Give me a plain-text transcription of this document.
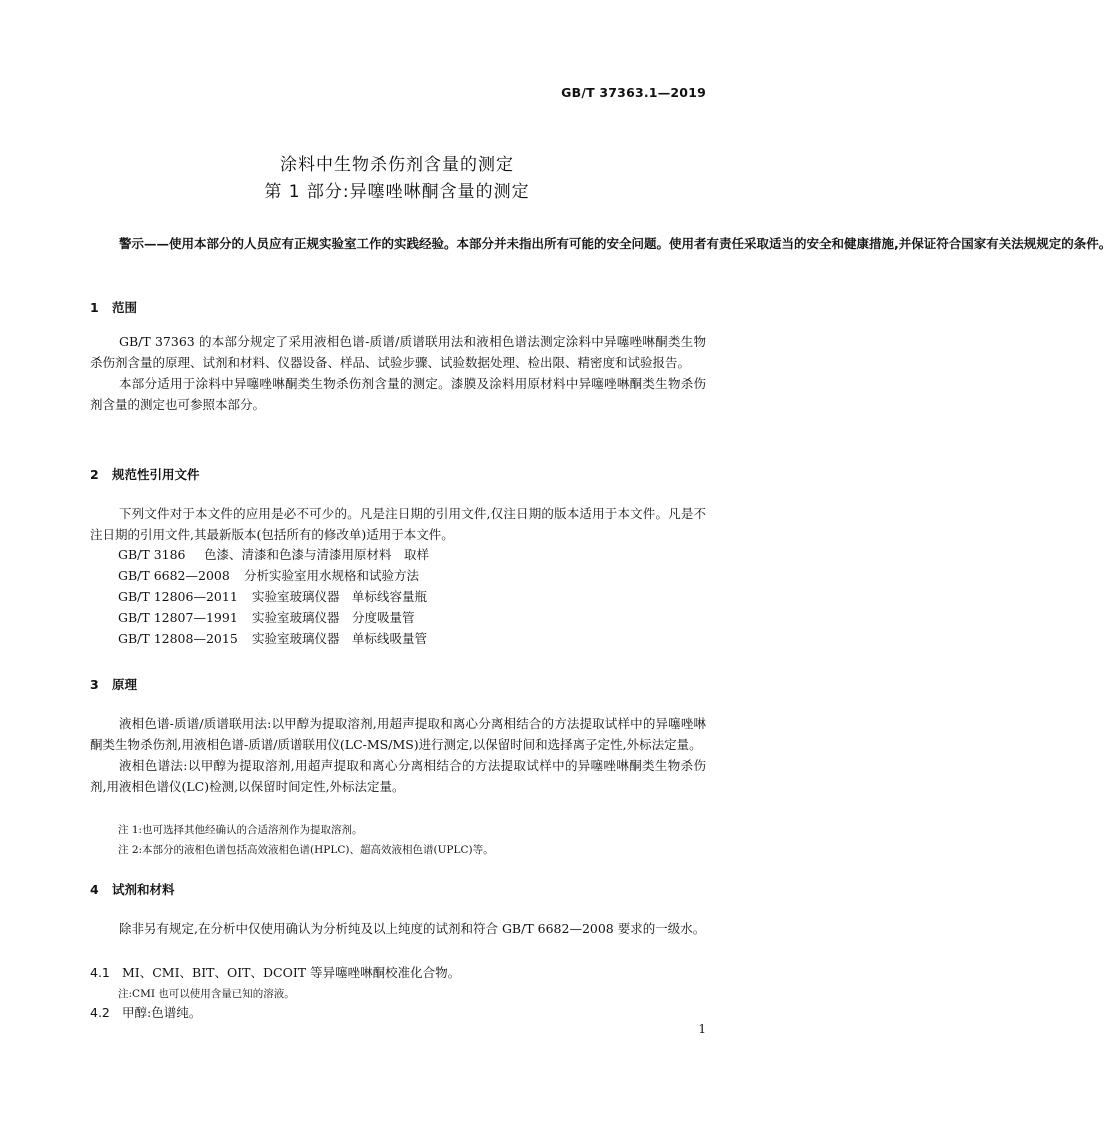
GB/T 37363.1—2019
涂料中生物杀伤剂含量的测定
第 1 部分:异噻唑啉酮含量的测定

警示——使用本部分的人员应有正规实验室工作的实践经验。本部分并未指出所有可能的安全问题。使用者有责任采取适当的安全和健康措施,并保证符合国家有关法规规定的条件。

1 范围

GB/T 37363 的本部分规定了采用液相色谱-质谱/质谱联用法和液相色谱法测定涂料中异噻唑啉酮类生物杀伤剂含量的原理、试剂和材料、仪器设备、样品、试验步骤、试验数据处理、检出限、精密度和试验报告。

本部分适用于涂料中异噻唑啉酮类生物杀伤剂含量的测定。漆膜及涂料用原材料中异噻唑啉酮类生物杀伤剂含量的测定也可参照本部分。

2 规范性引用文件

下列文件对于本文件的应用是必不可少的。凡是注日期的引用文件,仅注日期的版本适用于本文件。凡是不注日期的引用文件,其最新版本(包括所有的修改单)适用于本文件。

GB/T 3186 色漆、清漆和色漆与清漆用原材料　取样
GB/T 6682—2008 分析实验室用水规格和试验方法
GB/T 12806—2011 实验室玻璃仪器　单标线容量瓶
GB/T 12807—1991 实验室玻璃仪器　分度吸量管
GB/T 12808—2015 实验室玻璃仪器　单标线吸量管
3 原理

液相色谱-质谱/质谱联用法:以甲醇为提取溶剂,用超声提取和离心分离相结合的方法提取试样中的异噻唑啉酮类生物杀伤剂,用液相色谱-质谱/质谱联用仪(LC-MS/MS)进行测定,以保留时间和选择离子定性,外标法定量。

液相色谱法:以甲醇为提取溶剂,用超声提取和离心分离相结合的方法提取试样中的异噻唑啉酮类生物杀伤剂,用液相色谱仪(LC)检测,以保留时间定性,外标法定量。

注 1:也可选择其他经确认的合适溶剂作为提取溶剂。
注 2:本部分的液相色谱包括高效液相色谱(HPLC)、超高效液相色谱(UPLC)等。
4 试剂和材料

除非另有规定,在分析中仅使用确认为分析纯及以上纯度的试剂和符合 GB/T 6682—2008 要求的一级水。

4.1 MI、CMI、BIT、OIT、DCOIT 等异噻唑啉酮校准化合物。
注:CMI 也可以使用含量已知的溶液。
4.2 甲醇:色谱纯。
1
